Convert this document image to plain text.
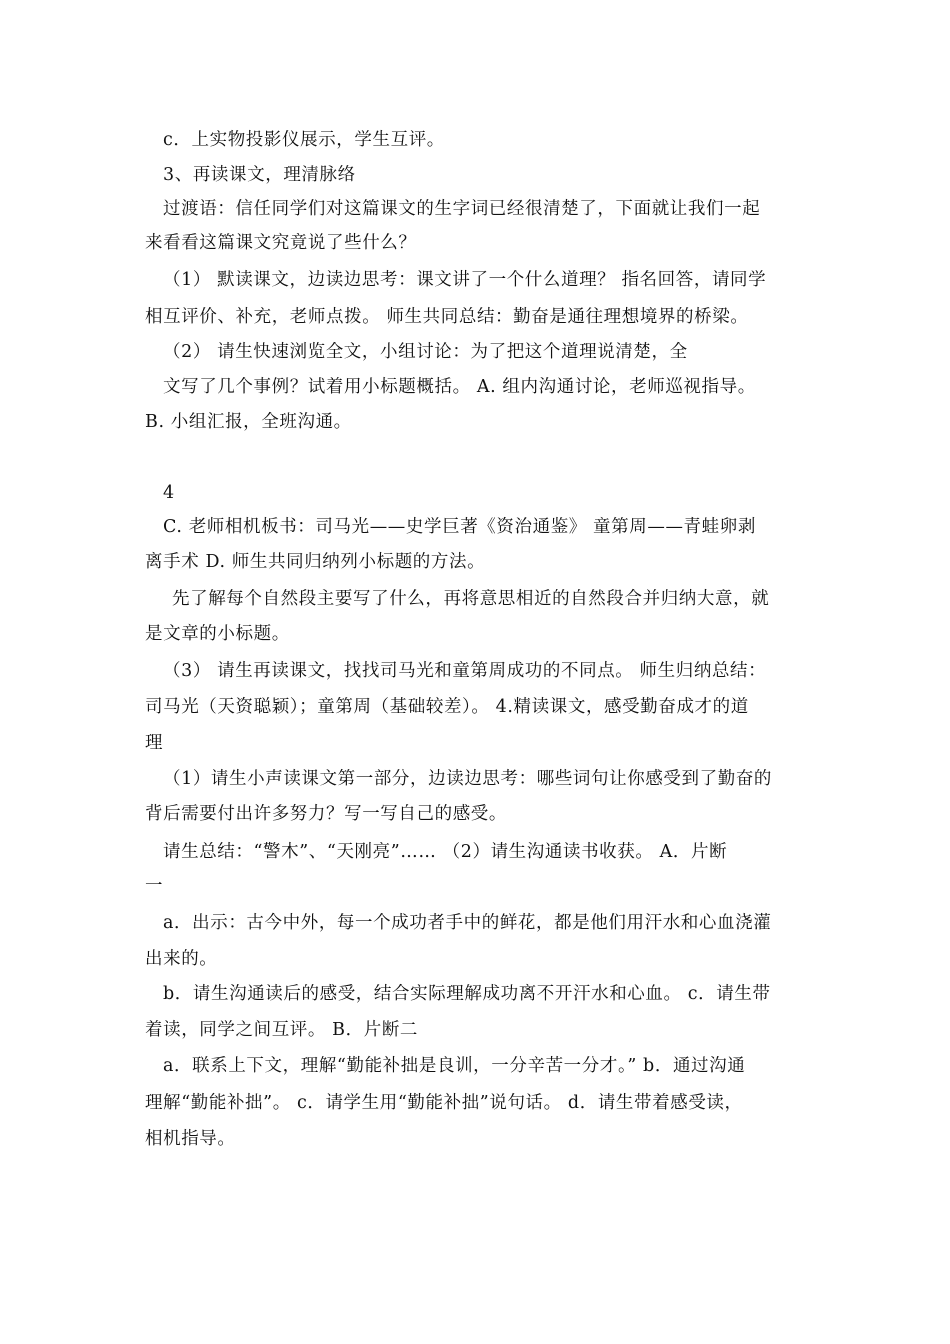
c．上实物投影仪展示，学生互评。
3、再读课文，理清脉络
过渡语：信任同学们对这篇课文的生字词已经很清楚了，下面就让我们一起
来看看这篇课文究竟说了些什么？
（1） 默读课文，边读边思考：课文讲了一个什么道理？ 指名回答，请同学
相互评价、补充，老师点拨。 师生共同总结：勤奋是通往理想境界的桥梁。
（2） 请生快速浏览全文，小组讨论：为了把这个道理说清楚，全
文写了几个事例？试着用小标题概括。 A. 组内沟通讨论，老师巡视指导。
B. 小组汇报，全班沟通。
4
C. 老师相机板书：司马光——史学巨著《资治通鉴》 童第周——青蛙卵剥
离手术 D. 师生共同归纳列小标题的方法。
先了解每个自然段主要写了什么，再将意思相近的自然段合并归纳大意，就
是文章的小标题。
（3） 请生再读课文，找找司马光和童第周成功的不同点。 师生归纳总结：
司马光（天资聪颖）；童第周（基础较差）。 4.精读课文，感受勤奋成才的道
理
（1）请生小声读课文第一部分，边读边思考：哪些词句让你感受到了勤奋的
背后需要付出许多努力？写一写自己的感受。
请生总结：“警木”、“天刚亮”…… （2）请生沟通读书收获。 A．片断
一
a．出示：古今中外，每一个成功者手中的鲜花，都是他们用汗水和心血浇灌
出来的。
b．请生沟通读后的感受，结合实际理解成功离不开汗水和心血。 c．请生带
着读，同学之间互评。 B．片断二
a．联系上下文，理解“勤能补拙是良训，一分辛苦一分才。” b．通过沟通
理解“勤能补拙”。 c．请学生用“勤能补拙”说句话。 d．请生带着感受读，
相机指导。
